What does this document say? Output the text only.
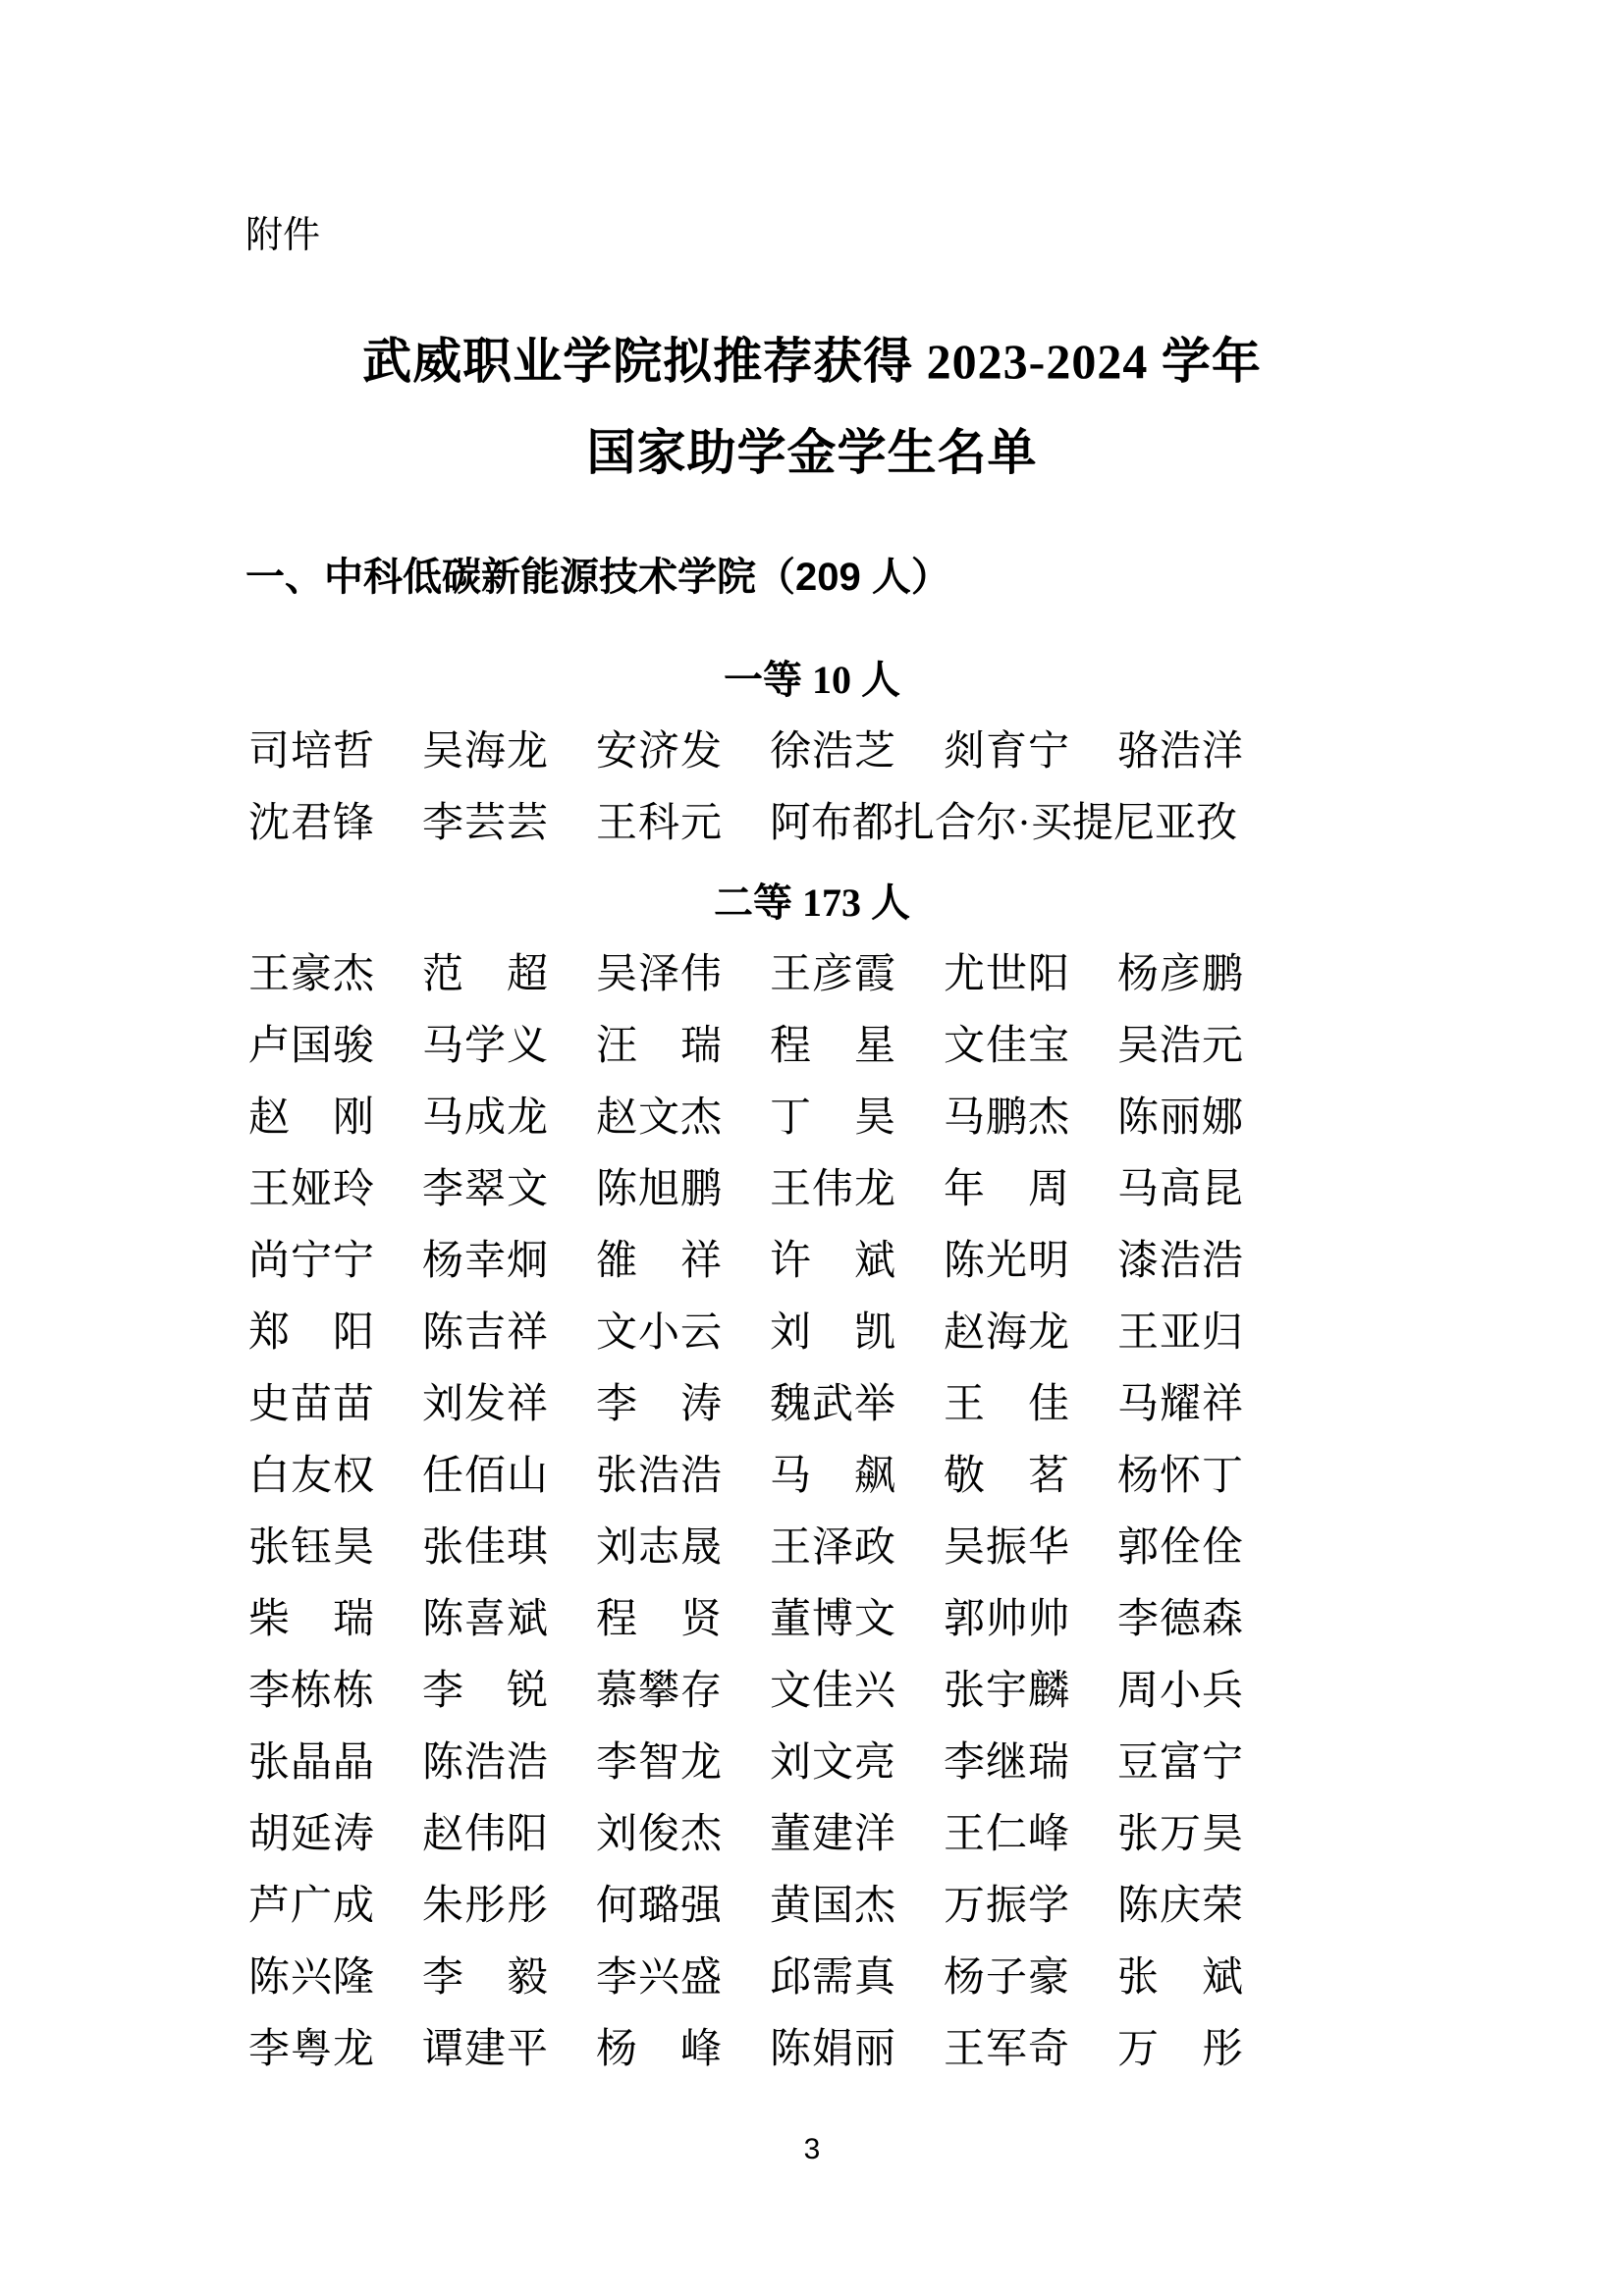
附件
武威职业学院拟推荐获得 2023-2024 学年
国家助学金学生名单
一、中科低碳新能源技术学院（209 人）
一等 10 人
司培哲 吴海龙 安济发 徐浩芝 剡育宁 骆浩洋
沈君锋 李芸芸 王科元 阿布都扎合尔·买提尼亚孜
二等 173 人
王豪杰 范超 吴泽伟 王彦霞 尤世阳 杨彦鹏
卢国骏 马学义 汪瑞 程星 文佳宝 吴浩元
赵刚 马成龙 赵文杰 丁昊 马鹏杰 陈丽娜
王娅玲 李翠文 陈旭鹏 王伟龙 年周 马高昆
尚宁宁 杨幸炯 雒祥 许斌 陈光明 漆浩浩
郑阳 陈吉祥 文小云 刘凯 赵海龙 王亚归
史苗苗 刘发祥 李涛 魏武举 王佳 马耀祥
白友权 任佰山 张浩浩 马飙 敬茗 杨怀丁
张钰昊 张佳琪 刘志晟 王泽政 吴振华 郭佺佺
柴瑞 陈喜斌 程贤 董博文 郭帅帅 李德森
李栋栋 李锐 慕攀存 文佳兴 张宇麟 周小兵
张晶晶 陈浩浩 李智龙 刘文亮 李继瑞 豆富宁
胡延涛 赵伟阳 刘俊杰 董建洋 王仁峰 张万昊
芦广成 朱彤彤 何璐强 黄国杰 万振学 陈庆荣
陈兴隆 李毅 李兴盛 邱需真 杨子豪 张斌
李粤龙 谭建平 杨峰 陈娟丽 王军奇 万彤
3
